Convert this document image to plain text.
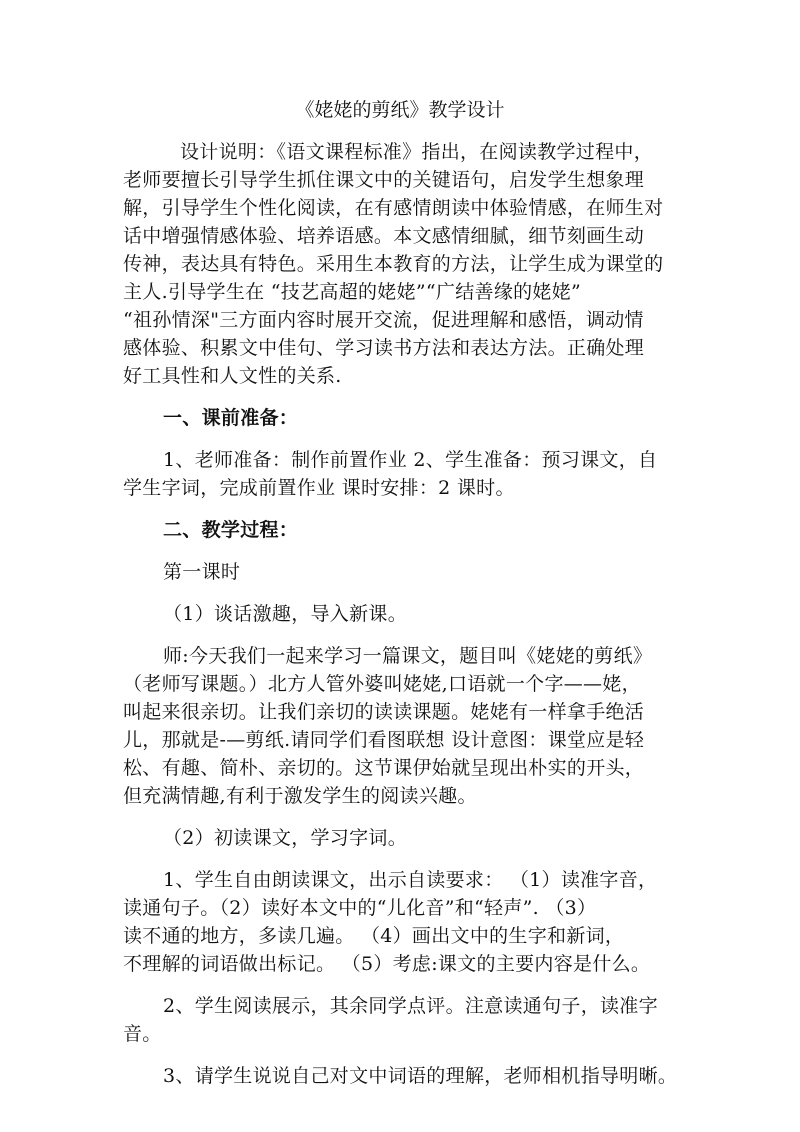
《姥姥的剪纸》教学设计
设计说明：《语文课程标准》指出，在阅读教学过程中，
老师要擅长引导学生抓住课文中的关键语句，启发学生想象理
解，引导学生个性化阅读，在有感情朗读中体验情感，在师生对
话中增强情感体验、培养语感。本文感情细腻，细节刻画生动
传神，表达具有特色。采用生本教育的方法，让学生成为课堂的
主人.引导学生在 “技艺高超的姥姥”“广结善缘的姥姥”
“祖孙情深"三方面内容时展开交流，促进理解和感悟，调动情
感体验、积累文中佳句、学习读书方法和表达方法。正确处理
好工具性和人文性的关系.
一、课前准备：
1、老师准备：制作前置作业 2、学生准备：预习课文，自
学生字词，完成前置作业 课时安排：2 课时。
二、教学过程：
第一课时
（1）谈话激趣，导入新课。
师:今天我们一起来学习一篇课文，题目叫《姥姥的剪纸》
（老师写课题。）北方人管外婆叫姥姥,口语就一个字——姥，
叫起来很亲切。让我们亲切的读读课题。姥姥有一样拿手绝活
儿，那就是-—剪纸.请同学们看图联想 设计意图：课堂应是轻
松、有趣、简朴、亲切的。这节课伊始就呈现出朴实的开头，
但充满情趣,有利于激发学生的阅读兴趣。
（2）初读课文，学习字词。
1、学生自由朗读课文，出示自读要求： （1）读准字音，
读通句子。（2）读好本文中的“儿化音”和“轻声”. （3）
读不通的地方，多读几遍。 （4）画出文中的生字和新词，
不理解的词语做出标记。 （5）考虑:课文的主要内容是什么。
2、学生阅读展示，其余同学点评。注意读通句子，读准字
音。
3、请学生说说自己对文中词语的理解，老师相机指导明晰。
